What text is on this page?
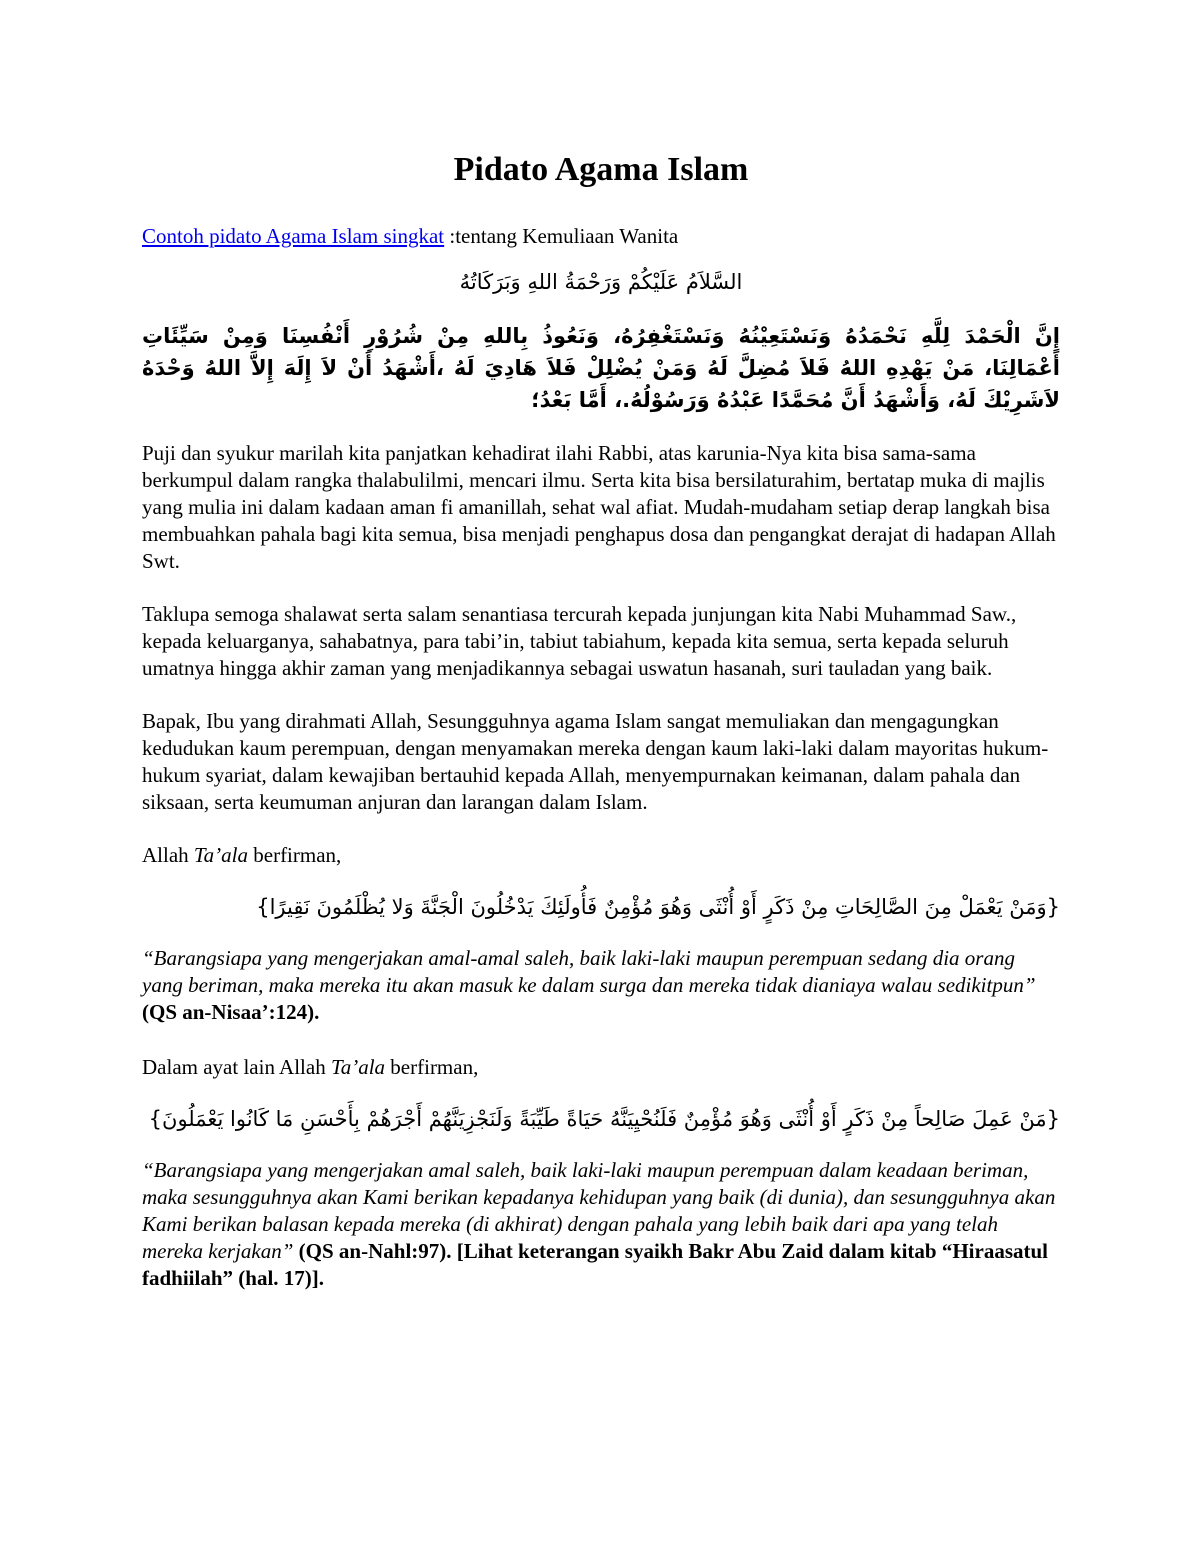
Pidato Agama Islam

Contoh pidato Agama Islam singkat :tentang Kemuliaan Wanita

السَّلاَمُ عَلَيْكُمْ وَرَحْمَةُ اللهِ وَبَرَكَاتُهُ

إِنَّ الْحَمْدَ لِلَّهِ نَحْمَدُهُ وَنَسْتَعِيْنُهُ وَنَسْتَغْفِرُهُ، وَنَعُوذُ بِاللهِ مِنْ شُرُوْرِ أَنْفُسِنَا وَمِنْ سَيِّئَاتِ أَعْمَالِنَا، مَنْ يَهْدِهِ اللهُ فَلاَ مُضِلَّ لَهُ وَمَنْ يُضْلِلْ فَلاَ هَادِيَ لَهُ ،أَشْهَدُ أَنْ لاَ إِلَهَ إِلاَّ اللهُ وَحْدَهُ لاَشَرِيْكَ لَهُ، وَأَشْهَدُ أَنَّ مُحَمَّدًا عَبْدُهُ وَرَسُوْلُهُ.، أَمَّا بَعْدُ؛

Puji dan syukur marilah kita panjatkan kehadirat ilahi Rabbi, atas karunia-Nya kita bisa sama-sama berkumpul dalam rangka thalabulilmi, mencari ilmu. Serta kita bisa bersilaturahim, bertatap muka di majlis yang mulia ini dalam kadaan aman fi amanillah, sehat wal afiat. Mudah-mudaham setiap derap langkah bisa membuahkan pahala bagi kita semua, bisa menjadi penghapus dosa dan pengangkat derajat di hadapan Allah Swt.

Taklupa semoga shalawat serta salam senantiasa tercurah kepada junjungan kita Nabi Muhammad Saw., kepada keluarganya, sahabatnya, para tabi’in, tabiut tabiahum, kepada kita semua, serta kepada seluruh umatnya hingga akhir zaman yang menjadikannya sebagai uswatun hasanah, suri tauladan yang baik.

Bapak, Ibu yang dirahmati Allah, Sesungguhnya agama Islam sangat memuliakan dan mengagungkan kedudukan kaum perempuan, dengan menyamakan mereka dengan kaum laki-laki dalam mayoritas hukum-hukum syariat, dalam kewajiban bertauhid kepada Allah, menyempurnakan keimanan, dalam pahala dan siksaan, serta keumuman anjuran dan larangan dalam Islam.

Allah Ta’ala berfirman,

{وَمَنْ يَعْمَلْ مِنَ الصَّالِحَاتِ مِنْ ذَكَرٍ أَوْ أُنْثَى وَهُوَ مُؤْمِنٌ فَأُولَئِكَ يَدْخُلُونَ الْجَنَّةَ وَلا يُظْلَمُونَ نَقِيرًا}

“Barangsiapa yang mengerjakan amal-amal saleh, baik laki-laki maupun perempuan sedang dia orang yang beriman, maka mereka itu akan masuk ke dalam surga dan mereka tidak dianiaya walau sedikitpun” (QS an-Nisaa’:124).

Dalam ayat lain Allah Ta’ala berfirman,

{مَنْ عَمِلَ صَالِحاً مِنْ ذَكَرٍ أَوْ أُنْثَى وَهُوَ مُؤْمِنٌ فَلَنُحْيِيَنَّهُ حَيَاةً طَيِّبَةً وَلَنَجْزِيَنَّهُمْ أَجْرَهُمْ بِأَحْسَنِ مَا كَانُوا يَعْمَلُونَ}

“Barangsiapa yang mengerjakan amal saleh, baik laki-laki maupun perempuan dalam keadaan beriman, maka sesungguhnya akan Kami berikan kepadanya kehidupan yang baik (di dunia), dan sesungguhnya akan Kami berikan balasan kepada mereka (di akhirat) dengan pahala yang lebih baik dari apa yang telah mereka kerjakan” (QS an-Nahl:97). [Lihat keterangan syaikh Bakr Abu Zaid dalam kitab “Hiraasatul fadhiilah” (hal. 17)].
